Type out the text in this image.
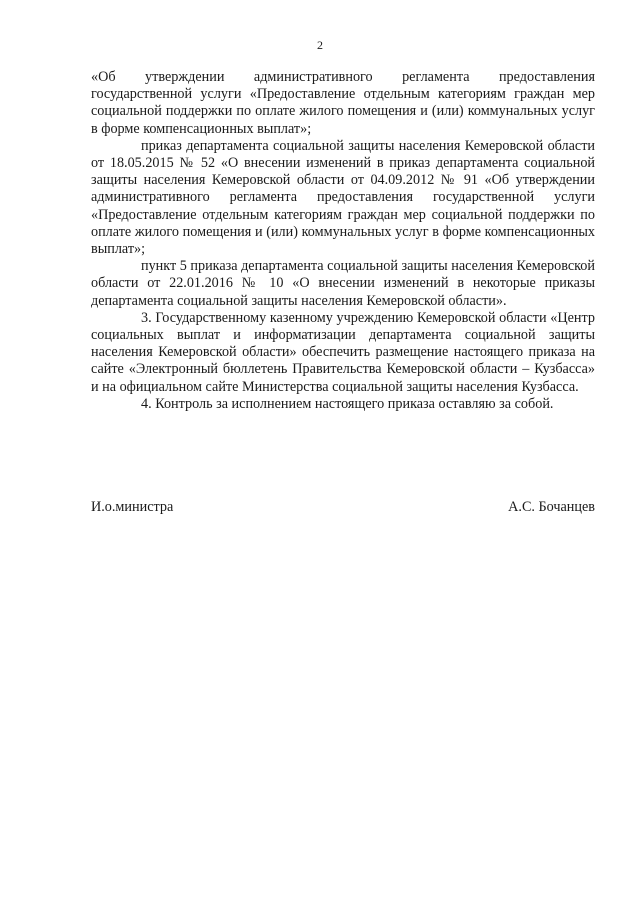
2

«Об утверждении административного регламента предоставления государственной услуги «Предоставление отдельным категориям граждан мер социальной поддержки по оплате жилого помещения и (или) коммунальных услуг в форме компенсационных выплат»;

приказ департамента социальной защиты населения Кемеровской области от 18.05.2015 № 52 «О внесении изменений в приказ департамента социальной защиты населения Кемеровской области от 04.09.2012 № 91 «Об утверждении административного регламента предоставления государственной услуги «Предоставление отдельным категориям граждан мер социальной поддержки по оплате жилого помещения и (или) коммунальных услуг в форме компенсационных выплат»;

пункт 5 приказа департамента социальной защиты населения Кемеровской области от 22.01.2016 № 10 «О внесении изменений в некоторые приказы департамента социальной защиты населения Кемеровской области».

3. Государственному казенному учреждению Кемеровской области «Центр социальных выплат и информатизации департамента социальной защиты населения Кемеровской области» обеспечить размещение настоящего приказа на сайте «Электронный бюллетень Правительства Кемеровской области – Кузбасса» и на официальном сайте Министерства социальной защиты населения Кузбасса.

4. Контроль за исполнением настоящего приказа оставляю за собой.

И.о.министра	А.С. Бочанцев
